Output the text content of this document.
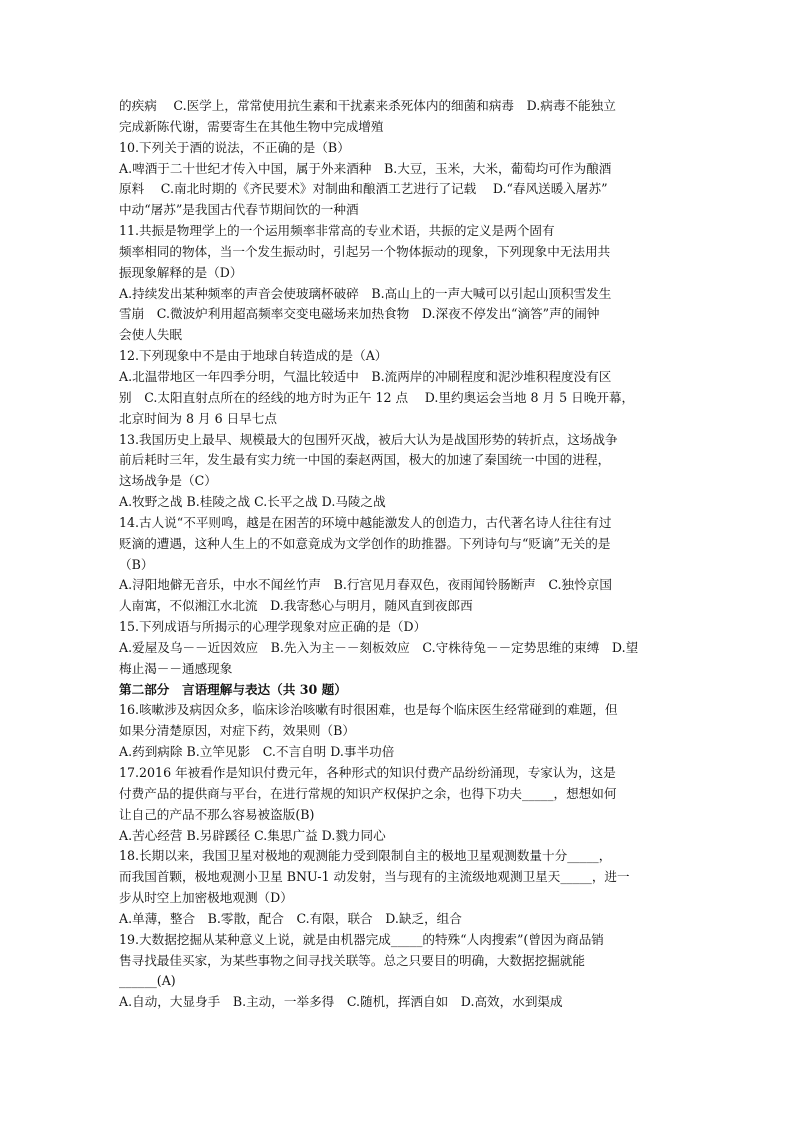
的疾病　 C.医学上，常常使用抗生素和干扰素来杀死体内的细菌和病毒　D.病毒不能独立
完成新陈代谢，需要寄生在其他生物中完成增殖
10.下列关于酒的说法，不正确的是（B）
A.啤酒于二十世纪才传入中国，属于外来酒种　B.大豆，玉米，大米，葡萄均可作为酿酒
原料　 C.南北时期的《齐民要术》对制曲和酿酒工艺进行了记载　 D.“春风送暖入屠苏”
中动“屠苏”是我国古代春节期间饮的一种酒
11.共振是物理学上的一个运用频率非常高的专业术语，共振的定义是两个固有
频率相同的物体，当一个发生振动时，引起另一个物体振动的现象，下列现象中无法用共
振现象解释的是（D）
A.持续发出某种频率的声音会使玻璃杯破碎　B.高山上的一声大喊可以引起山顶积雪发生
雪崩　C.微波炉利用超高频率交变电磁场来加热食物　D.深夜不停发出“滴答”声的闹钟
会使人失眠
12.下列现象中不是由于地球自转造成的是（A）
A.北温带地区一年四季分明，气温比较适中　B.流两岸的冲刷程度和泥沙堆积程度没有区
别　C.太阳直射点所在的经线的地方时为正午 12 点　 D.里约奥运会当地 8 月 5 日晚开幕，
北京时间为 8 月 6 日早七点
13.我国历史上最早、规模最大的包围歼灭战，被后大认为是战国形势的转折点，这场战争
前后耗时三年，发生最有实力统一中国的秦赵两国，极大的加速了秦国统一中国的进程，
这场战争是（C）
A.牧野之战 B.桂陵之战 C.长平之战 D.马陵之战
14.古人说“不平则鸣，越是在困苦的环境中越能激发人的创造力，古代著名诗人往往有过
贬滴的遭遇，这种人生上的不如意竟成为文学创作的助推器。下列诗句与“贬谪”无关的是
（B）
A.浔阳地僻无音乐，中水不闻丝竹声　B.行宫见月春双色，夜雨闻铃肠断声　C.独怜京国
人南寓，不似湘江水北流　D.我寄愁心与明月，随风直到夜郎西
15.下列成语与所揭示的心理学现象对应正确的是（D）
A.爱屋及乌－－近因效应　B.先入为主－－刻板效应　C.守株待兔－－定势思维的束缚　D.望
梅止渴－－通感现象
第二部分　言语理解与表达（共 30 题）
16.咳嗽涉及病因众多，临床诊治咳嗽有时很困难，也是每个临床医生经常碰到的难题，但
如果分清楚原因，对症下药，效果则（B）
A.药到病除 B.立竿见影　C.不言自明 D.事半功倍
17.2016 年被看作是知识付费元年，各种形式的知识付费产品纷纷涌现，专家认为，这是
付费产品的提供商与平台，在进行常规的知识产权保护之余，也得下功夫_____，想想如何
让自己的产品不那么容易被盗版(B)
A.苦心经营 B.另辟蹊径 C.集思广益 D.戮力同心
18.长期以来，我国卫星对极地的观测能力受到限制自主的极地卫星观测数量十分_____，
而我国首颗，极地观测小卫星 BNU-1 动发射，当与现有的主流级地观测卫星天_____，进一
步从时空上加密极地观测（D）
A.单薄，整合　B.零散，配合　C.有限，联合　D.缺乏，组合
19.大数据挖掘从某种意义上说，就是由机器完成_____的特殊“人肉搜索”(曾因为商品销
售寻找最佳买家，为某些事物之间寻找关联等。总之只要目的明确，大数据挖掘就能
______(A)
A.自动，大显身手　B.主动，一举多得　C.随机，挥洒自如　D.高效，水到渠成
